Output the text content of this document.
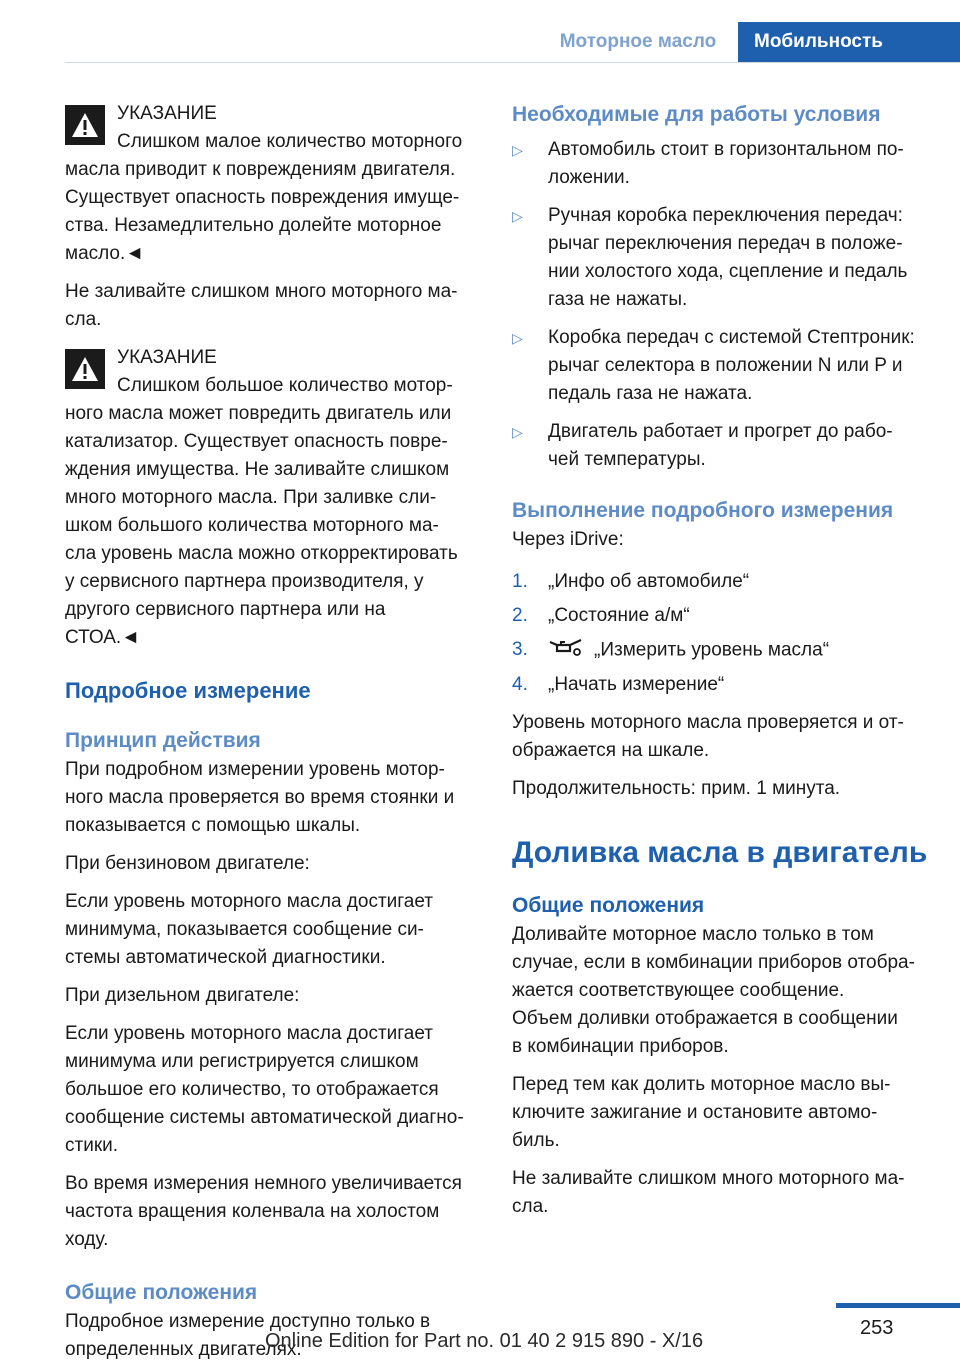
Моторное масло	Мобильность

УКАЗАНИЕ

Слишком малое количество моторного

масла приводит к повреждениям двигателя.

Существует опасность повреждения имуще-

ства. Незамедлительно долейте моторное

масло.◄

Не заливайте слишком много моторного ма-

сла.

УКАЗАНИЕ

Слишком большое количество мотор-

ного масла может повредить двигатель или

катализатор. Существует опасность повре-

ждения имущества. Не заливайте слишком

много моторного масла. При заливке сли-

шком большого количества моторного ма-

сла уровень масла можно откорректировать

у сервисного партнера производителя, у

другого сервисного партнера или на

СТОА.◄

Подробное измерение
Принцип действия

При подробном измерении уровень мотор-

ного масла проверяется во время стоянки и

показывается с помощью шкалы.

При бензиновом двигателе:

Если уровень моторного масла достигает

минимума, показывается сообщение си-

стемы автоматической диагностики.

При дизельном двигателе:

Если уровень моторного масла достигает

минимума или регистрируется слишком

большое его количество, то отображается

сообщение системы автоматической диагно-

стики.

Во время измерения немного увеличивается

частота вращения коленвала на холостом

ходу.

Общие положения

Подробное измерение доступно только в

определенных двигателях.

Необходимые для работы условия
▷ Автомобиль стоит в горизонтальном по-
ложении.
▷ Ручная коробка переключения передач:
рычаг переключения передач в положе-
нии холостого хода, сцепление и педаль
газа не нажаты.
▷ Коробка передач с системой Стептроник:
рычаг селектора в положении N или P и
педаль газа не нажата.
▷ Двигатель работает и прогрет до рабо-
чей температуры.
Выполнение подробного измерения

Через iDrive:

1. „Инфо об автомобиле“
2. „Состояние а/м“
3.	„Измерить уровень масла“
4. „Начать измерение“

Уровень моторного масла проверяется и от-

ображается на шкале.

Продолжительность: прим. 1 минута.

Доливка масла в двигатель
Общие положения

Доливайте моторное масло только в том

случае, если в комбинации приборов отобра-

жается соответствующее сообщение.

Объем доливки отображается в сообщении

в комбинации приборов.

Перед тем как долить моторное масло вы-

ключите зажигание и остановите автомо-

биль.

Не заливайте слишком много моторного ма-

сла.

253
Online Edition for Part no. 01 40 2 915 890 - X/16
